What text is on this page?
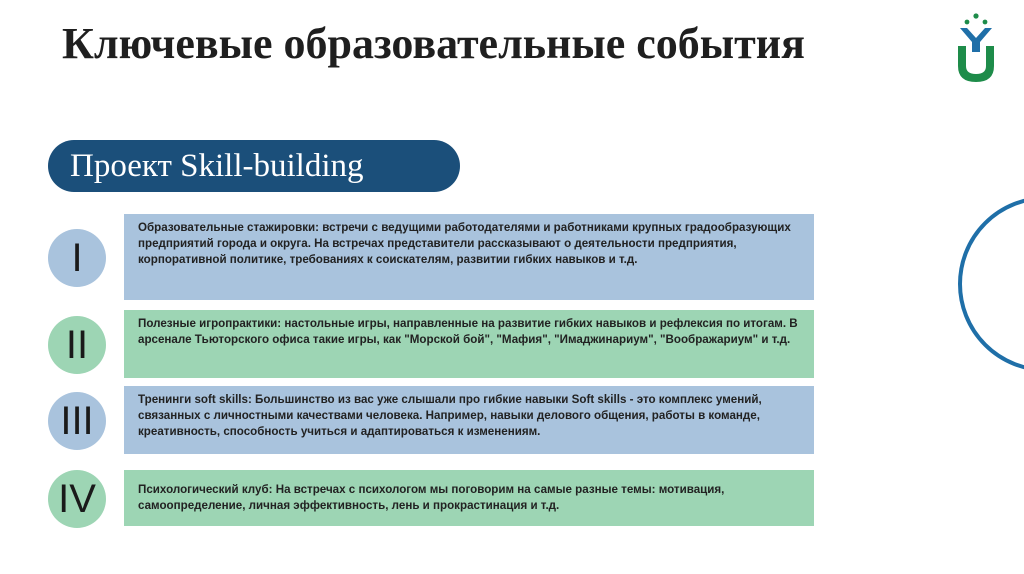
Ключевые образовательные события
Проект Skill-building
I
Образовательные стажировки: встречи с ведущими работодателями и работниками крупных градообразующих предприятий города и округа. На встречах представители рассказывают о деятельности предприятия, корпоративной политике, требованиях к соискателям, развитии гибких навыков и т.д.
II	Полезные игропрактики: настольные игры, направленные на развитие гибких навыков и рефлексия по итогам. В арсенале Тьюторского офиса такие игры, как "Морской бой", "Мафия", "Имаджинариум", "Воображариум" и т.д.
III	Тренинги soft skills: Большинство из вас уже слышали про гибкие навыки Soft skills - это комплекс умений, связанных с личностными качествами человека. Например, навыки делового общения, работы в команде, креативность, способность учиться и адаптироваться к изменениям.
IV	Психологический клуб: На встречах с психологом мы поговорим на самые разные темы: мотивация, самоопределение, личная эффективность, лень и прокрастинация и т.д.
